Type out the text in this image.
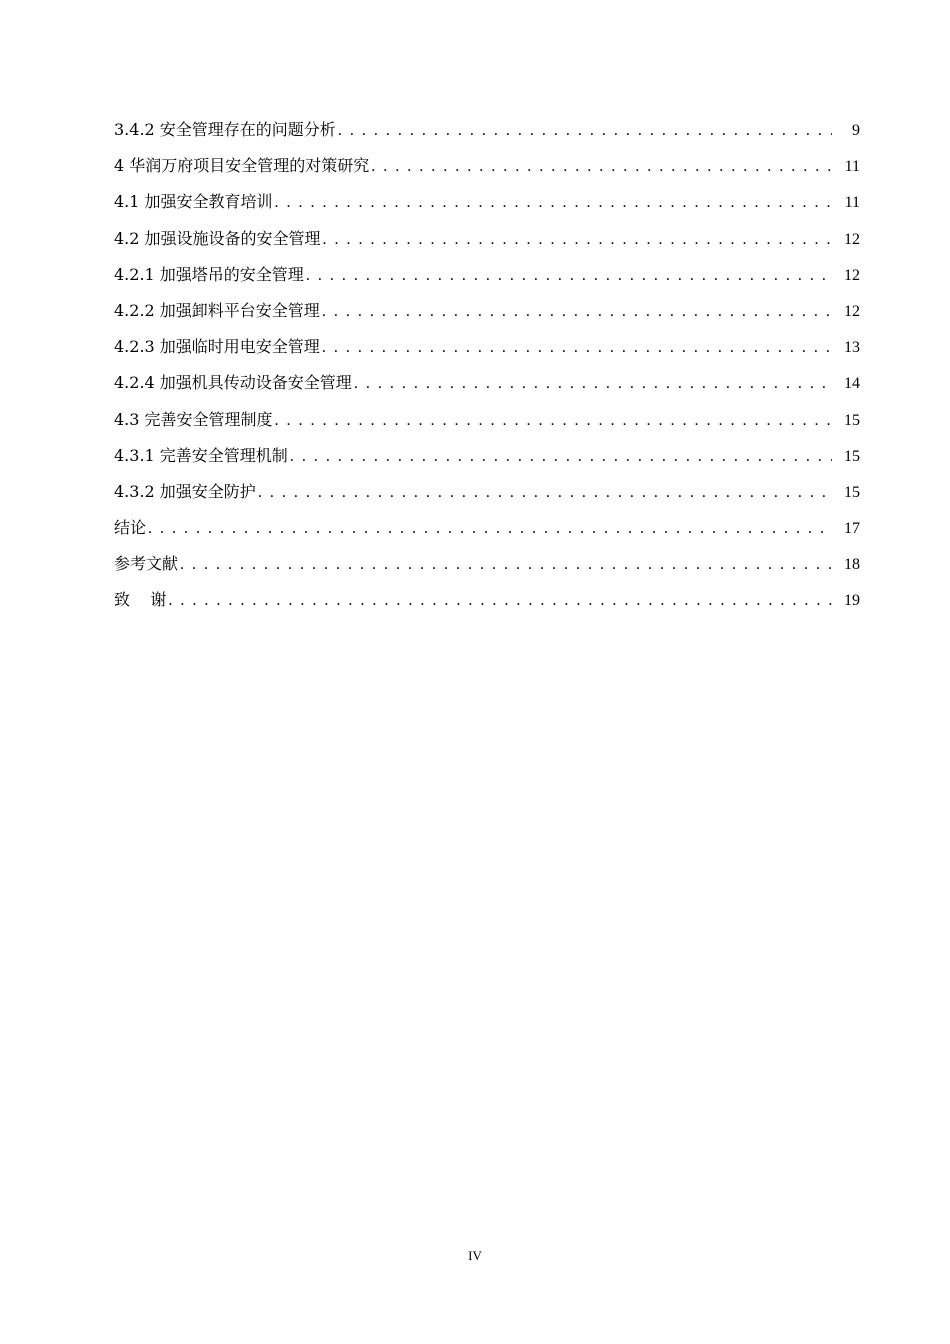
3.4.2 安全管理存在的问题分析 . . .	9
4 华润万府项目安全管理的对策研究 . . .	11
4.1 加强安全教育培训 . . .	11
4.2 加强设施设备的安全管理 . . .	12
4.2.1 加强塔吊的安全管理 . . .	12
4.2.2 加强卸料平台安全管理 . . .	12
4.2.3 加强临时用电安全管理 . . .	13
4.2.4 加强机具传动设备安全管理 . . .	14
4.3 完善安全管理制度 . . .	15
4.3.1 完善安全管理机制 . . .	15
4.3.2 加强安全防护 . . .	15
结论 . . .	17
参考文献 . . .	18
致    谢 . . .	19
IV
